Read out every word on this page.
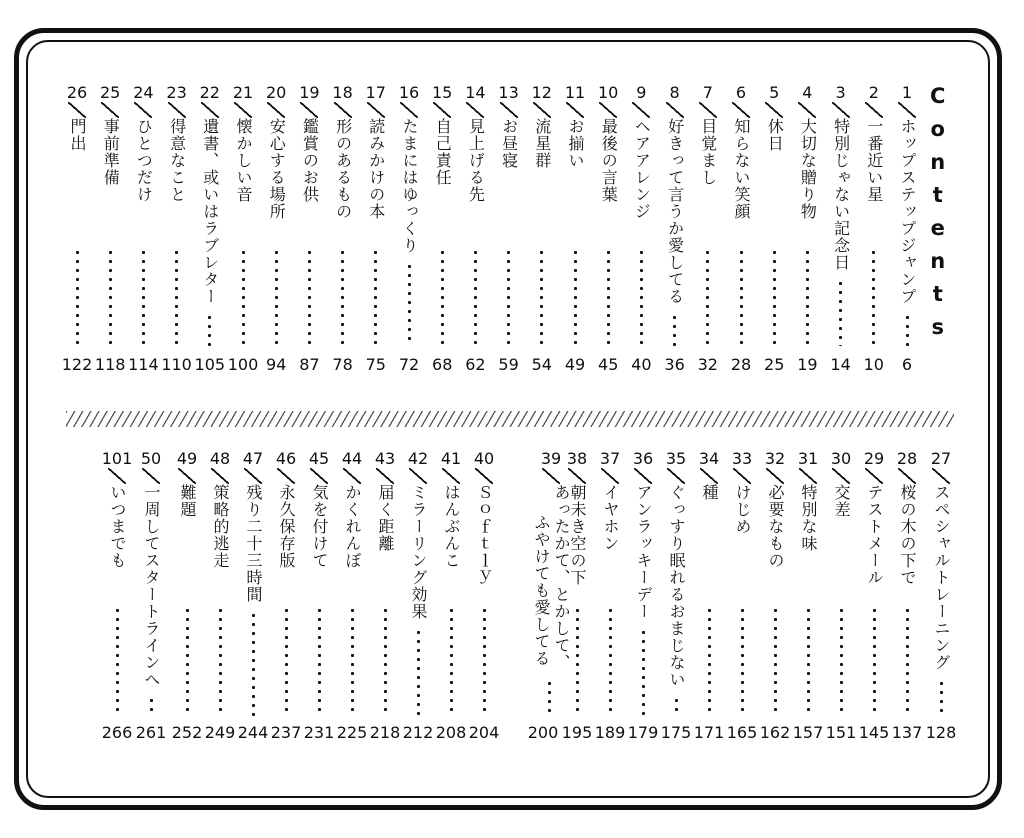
C
o
n
t
e
n
t
s
1
ホップステップジャンプ
6
2
一番近い星
10
3
特別じゃない記念日
14
4
大切な贈り物
19
5
休日
25
6
知らない笑顔
28
7
目覚まし
32
8
好きって言うか愛してる
36
9
ヘアアレンジ
40
10
最後の言葉
45
11
お揃い
49
12
流星群
54
13
お昼寝
59
14
見上げる先
62
15
自己責任
68
16
たまにはゆっくり
72
17
読みかけの本
75
18
形のあるもの
78
19
鑑賞のお供
87
20
安心する場所
94
21
懐かしい音
100
22
遺書、或いはラブレター
105
23
得意なこと
110
24
ひとつだけ
114
25
事前準備
118
26
門出
122
27
スペシャルトレーニング
128
28
桜の木の下で
137
29
テストメール
145
30
交差
151
31
特別な味
157
32
必要なもの
162
33
けじめ
165
34
種
171
35
ぐっすり眠れるおまじない
175
36
アンラッキーデー
179
37
イヤホン
189
38
朝未き空の下
195
39
あったかて、とかして、
ふやけても愛してる
200
40
Ｓｏｆｔｌｙ
204
41
はんぶんこ
208
42
ミラーリング効果
212
43
届く距離
218
44
かくれんぼ
225
45
気を付けて
231
46
永久保存版
237
47
残り二十三時間
244
48
策略的逃走
249
49
難題
252
50
一周してスタートラインへ
261
101
いつまでも
266
